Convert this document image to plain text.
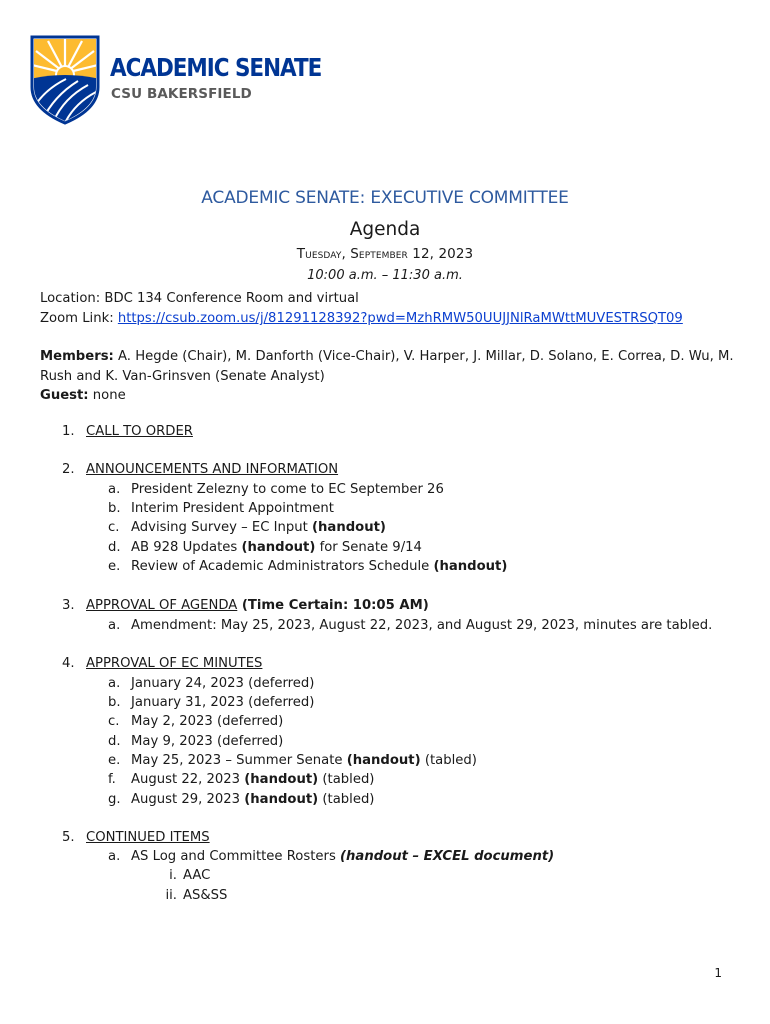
ACADEMIC SENATE
CSU BAKERSFIELD
ACADEMIC SENATE: EXECUTIVE COMMITTEE
Agenda
Tuesday, September 12, 2023
10:00 a.m. – 11:30 a.m.
Location: BDC 134 Conference Room and virtual
Zoom Link: https://csub.zoom.us/j/81291128392?pwd=MzhRMW50UUJJNlRaMWttMUVESTRSQT09
Members: A. Hegde (Chair), M. Danforth (Vice-Chair), V. Harper, J. Millar, D. Solano, E. Correa, D. Wu, M.
Rush and K. Van-Grinsven (Senate Analyst)
Guest: none
1. CALL TO ORDER
2. ANNOUNCEMENTS AND INFORMATION
a. President Zelezny to come to EC September 26
b. Interim President Appointment
c. Advising Survey – EC Input (handout)
d. AB 928 Updates (handout) for Senate 9/14
e. Review of Academic Administrators Schedule (handout)
3. APPROVAL OF AGENDA (Time Certain: 10:05 AM)
a. Amendment: May 25, 2023, August 22, 2023, and August 29, 2023, minutes are tabled.
4. APPROVAL OF EC MINUTES
a. January 24, 2023 (deferred)
b. January 31, 2023 (deferred)
c. May 2, 2023 (deferred)
d. May 9, 2023 (deferred)
e. May 25, 2023 – Summer Senate (handout) (tabled)
f. August 22, 2023 (handout) (tabled)
g. August 29, 2023 (handout) (tabled)
5. CONTINUED ITEMS
a. AS Log and Committee Rosters (handout – EXCEL document)
i. AAC
ii. AS&SS
1
